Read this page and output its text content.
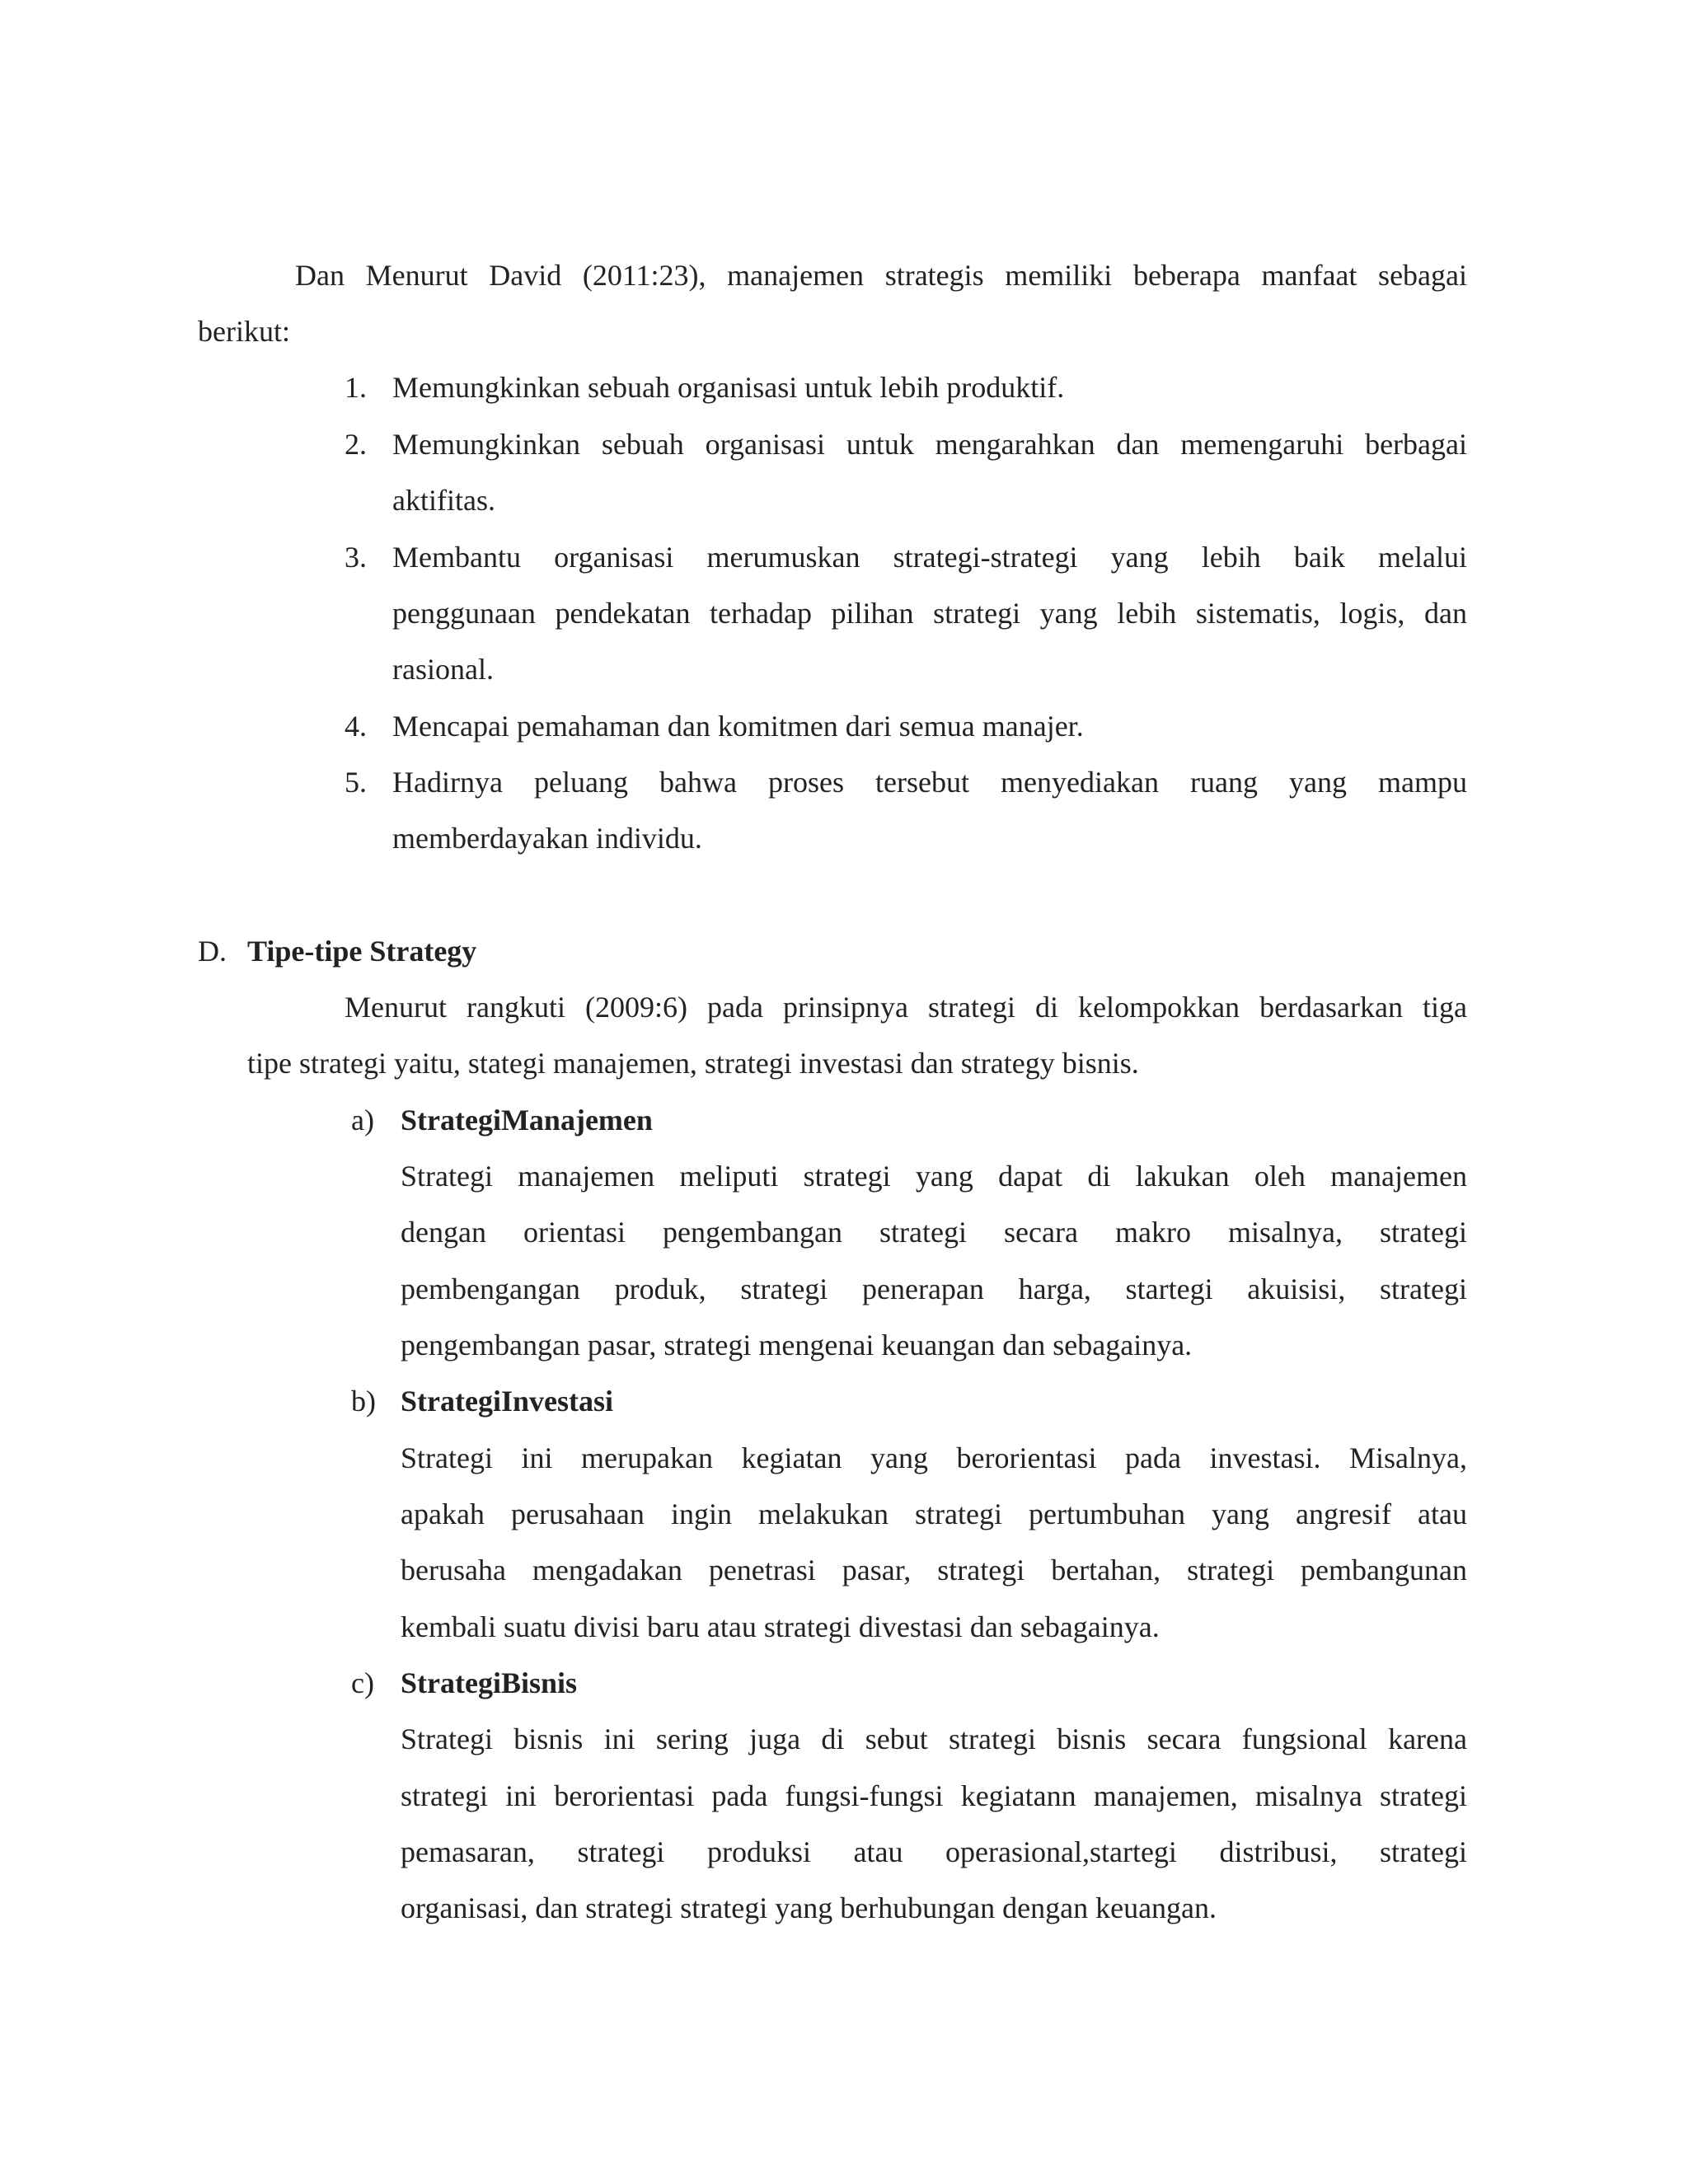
Dan Menurut David (2011:23), manajemen strategis memiliki beberapa manfaat sebagai
berikut:
1. Memungkinkan sebuah organisasi untuk lebih produktif.
2. Memungkinkan sebuah organisasi untuk mengarahkan dan memengaruhi berbagai
aktifitas.
3. Membantu organisasi merumuskan strategi-strategi yang lebih baik melalui
penggunaan pendekatan terhadap pilihan strategi yang lebih sistematis, logis, dan
rasional.
4. Mencapai pemahaman dan komitmen dari semua manajer.
5. Hadirnya peluang bahwa proses tersebut menyediakan ruang yang mampu
memberdayakan individu.
D. Tipe-tipe Strategy
Menurut rangkuti (2009:6) pada prinsipnya strategi di kelompokkan berdasarkan tiga
tipe strategi yaitu, stategi manajemen, strategi investasi dan strategy bisnis.
a) StrategiManajemen
Strategi manajemen meliputi strategi yang dapat di lakukan oleh manajemen
dengan orientasi pengembangan strategi secara makro misalnya, strategi
pembengangan produk, strategi penerapan harga, startegi akuisisi, strategi
pengembangan pasar, strategi mengenai keuangan dan sebagainya.
b) StrategiInvestasi
Strategi ini merupakan kegiatan yang berorientasi pada investasi. Misalnya,
apakah perusahaan ingin melakukan strategi pertumbuhan yang angresif atau
berusaha mengadakan penetrasi pasar, strategi bertahan, strategi pembangunan
kembali suatu divisi baru atau strategi divestasi dan sebagainya.
c) StrategiBisnis
Strategi bisnis ini sering juga di sebut strategi bisnis secara fungsional karena
strategi ini berorientasi pada fungsi-fungsi kegiatann manajemen, misalnya strategi
pemasaran, strategi produksi atau operasional,startegi distribusi, strategi
organisasi, dan strategi strategi yang berhubungan dengan keuangan.
